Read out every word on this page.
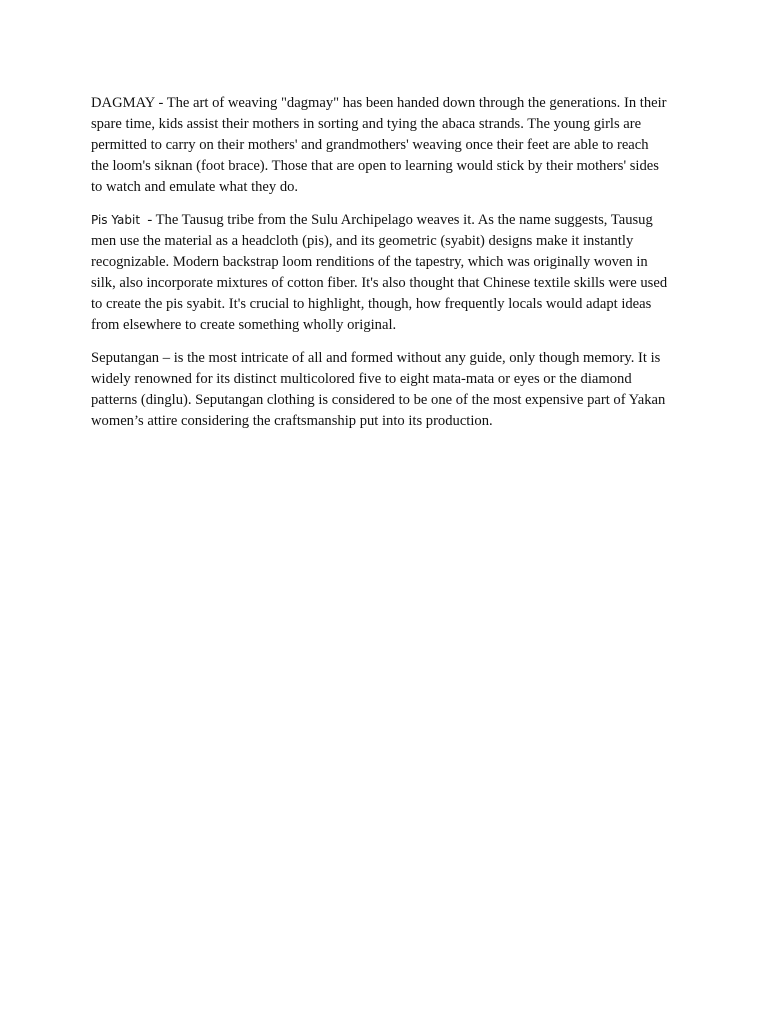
DAGMAY - The art of weaving "dagmay" has been handed down through the generations. In their spare time, kids assist their mothers in sorting and tying the abaca strands. The young girls are permitted to carry on their mothers' and grandmothers' weaving once their feet are able to reach the loom's siknan (foot brace). Those that are open to learning would stick by their mothers' sides to watch and emulate what they do.

Pis Yabit  - The Tausug tribe from the Sulu Archipelago weaves it. As the name suggests, Tausug men use the material as a headcloth (pis), and its geometric (syabit) designs make it instantly recognizable. Modern backstrap loom renditions of the tapestry, which was originally woven in silk, also incorporate mixtures of cotton fiber. It's also thought that Chinese textile skills were used to create the pis syabit. It's crucial to highlight, though, how frequently locals would adapt ideas from elsewhere to create something wholly original.

Seputangan – is the most intricate of all and formed without any guide, only though memory. It is widely renowned for its distinct multicolored five to eight mata-mata or eyes or the diamond patterns (dinglu). Seputangan clothing is considered to be one of the most expensive part of Yakan women’s attire considering the craftsmanship put into its production.
